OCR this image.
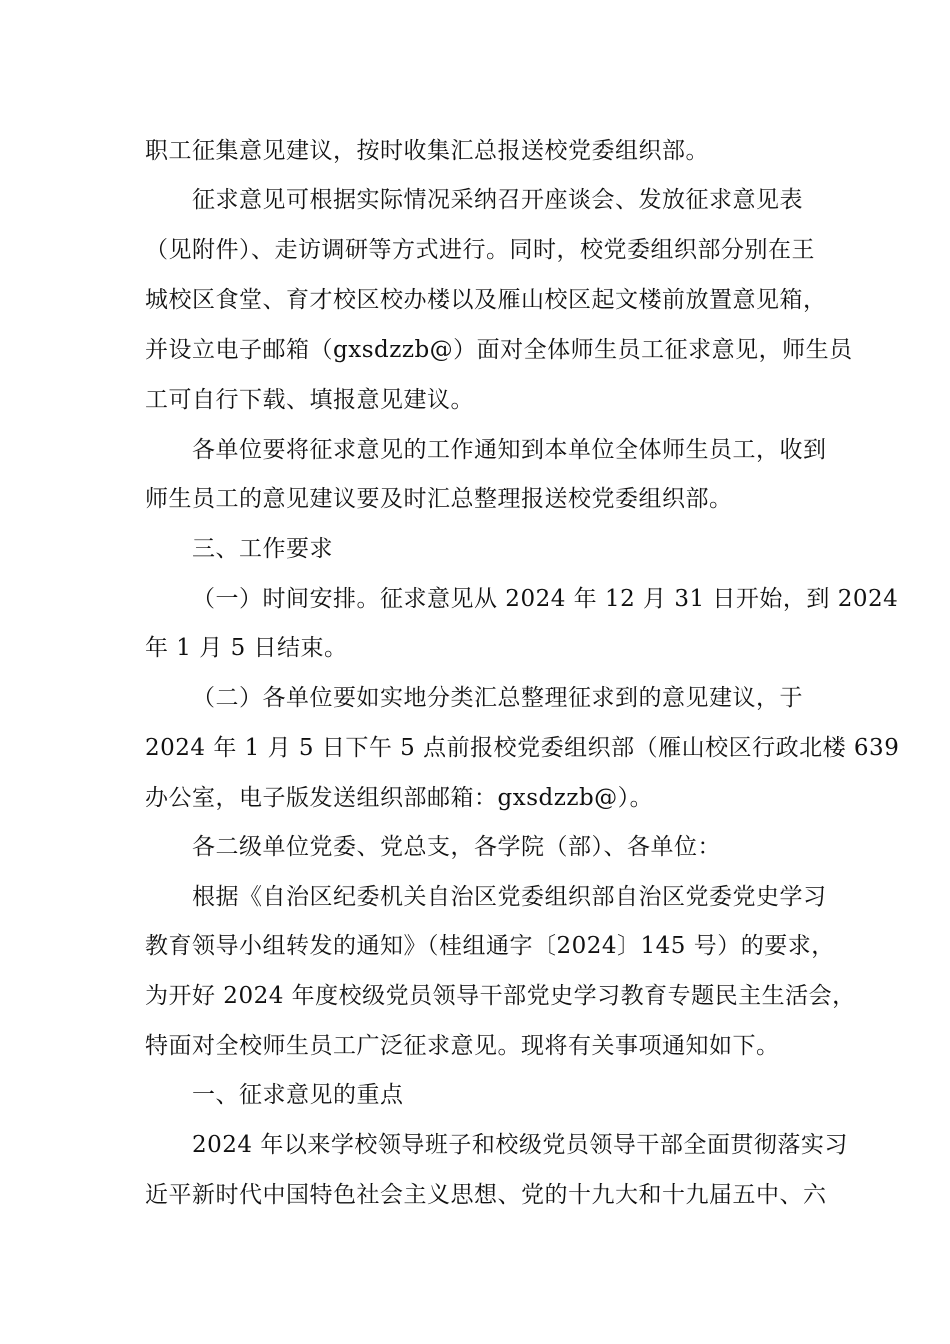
职工征集意见建议，按时收集汇总报送校党委组织部。
征求意见可根据实际情况采纳召开座谈会、发放征求意见表
（见附件）、走访调研等方式进行。同时，校党委组织部分别在王
城校区食堂、育才校区校办楼以及雁山校区起文楼前放置意见箱，
并设立电子邮箱（gxsdzzb@）面对全体师生员工征求意见，师生员
工可自行下载、填报意见建议。
各单位要将征求意见的工作通知到本单位全体师生员工，收到
师生员工的意见建议要及时汇总整理报送校党委组织部。
三、工作要求
（一）时间安排。征求意见从 2024 年 12 月 31 日开始，到 2024
年 1 月 5 日结束。
（二）各单位要如实地分类汇总整理征求到的意见建议，于
2024 年 1 月 5 日下午 5 点前报校党委组织部（雁山校区行政北楼 639
办公室，电子版发送组织部邮箱：gxsdzzb@）。
各二级单位党委、党总支，各学院（部）、各单位：
根据《自治区纪委机关自治区党委组织部自治区党委党史学习
教育领导小组转发的通知》（桂组通字〔2024〕145 号）的要求，
为开好 2024 年度校级党员领导干部党史学习教育专题民主生活会，
特面对全校师生员工广泛征求意见。现将有关事项通知如下。
一、征求意见的重点
2024 年以来学校领导班子和校级党员领导干部全面贯彻落实习
近平新时代中国特色社会主义思想、党的十九大和十九届五中、六
